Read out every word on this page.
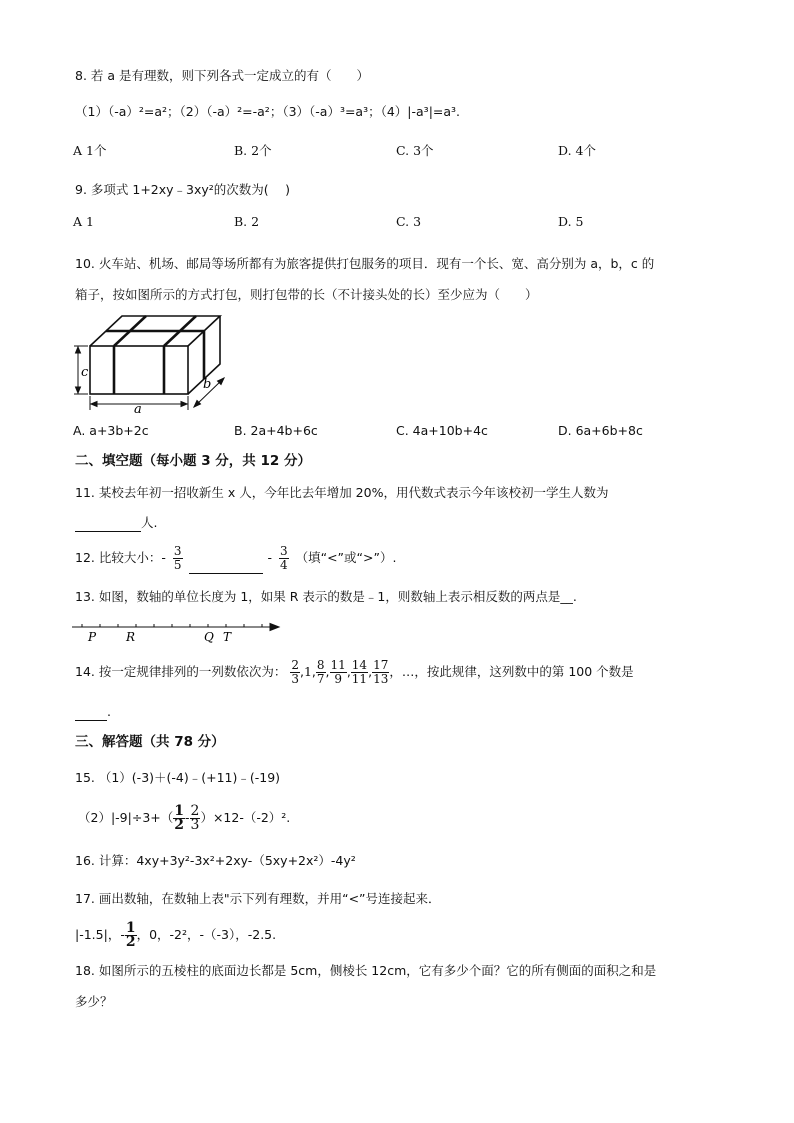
8. 若 a 是有理数，则下列各式一定成立的有（　　）
（1）（-a）²=a²；（2）（-a）²=-a²；（3）（-a）³=a³；（4）|-a³|=a³.
A 1个	B. 2个	C. 3个	D. 4个
9. 多项式 1+2xy﹣3xy²的次数为(　 )
A 1	B. 2	C. 3	D. 5
10. 火车站、机场、邮局等场所都有为旅客提供打包服务的项目．现有一个长、宽、高分别为 a，b，c 的
箱子，按如图所示的方式打包，则打包带的长（不计接头处的长）至少应为（　　）
c
a
b
A. a+3b+2c	B. 2a+4b+6c	C. 4a+10b+4c	D. 6a+6b+8c
二、填空题（每小题 3 分，共 12 分）
11. 某校去年初一招收新生 x 人，今年比去年增加 20%，用代数式表示今年该校初一学生人数为
人.
12. 比较大小：- $\frac{3}{5}$	- $\frac{3}{4}$ （填“<”或“>”）.
13. 如图，数轴的单位长度为 1，如果 R 表示的数是﹣1，则数轴上表示相反数的两点是__.
P R	Q T
14. 按一定规律排列的一列数依次为： $\frac{2}{3} ,1$, $\frac{8}{7}$ , $\frac{11}{9}$ , $\frac{14}{11}$ , $\frac{17}{13}$ ，…，按此规律，这列数中的第 100 个数是
.
三、解答题（共 78 分）
15. （1）(-3)＋(-4)﹣(+11)﹣(-19)
$(2)|-9|\div 3+( \frac{1}{2} - \frac{2}{3} )\times 12-(-2)^2$.
16. 计算：4xy+3y²-3x²+2xy-（5xy+2x²）-4y²
17. 画出数轴，在数轴上表"示下列有理数，并用“<”号连接起来．
|-1.5|，- $\frac{1}{2}$ ，0，-2²，-（-3），-2.5.
18. 如图所示的五棱柱的底面边长都是 5cm，侧棱长 12cm，它有多少个面？它的所有侧面的面积之和是
多少？
